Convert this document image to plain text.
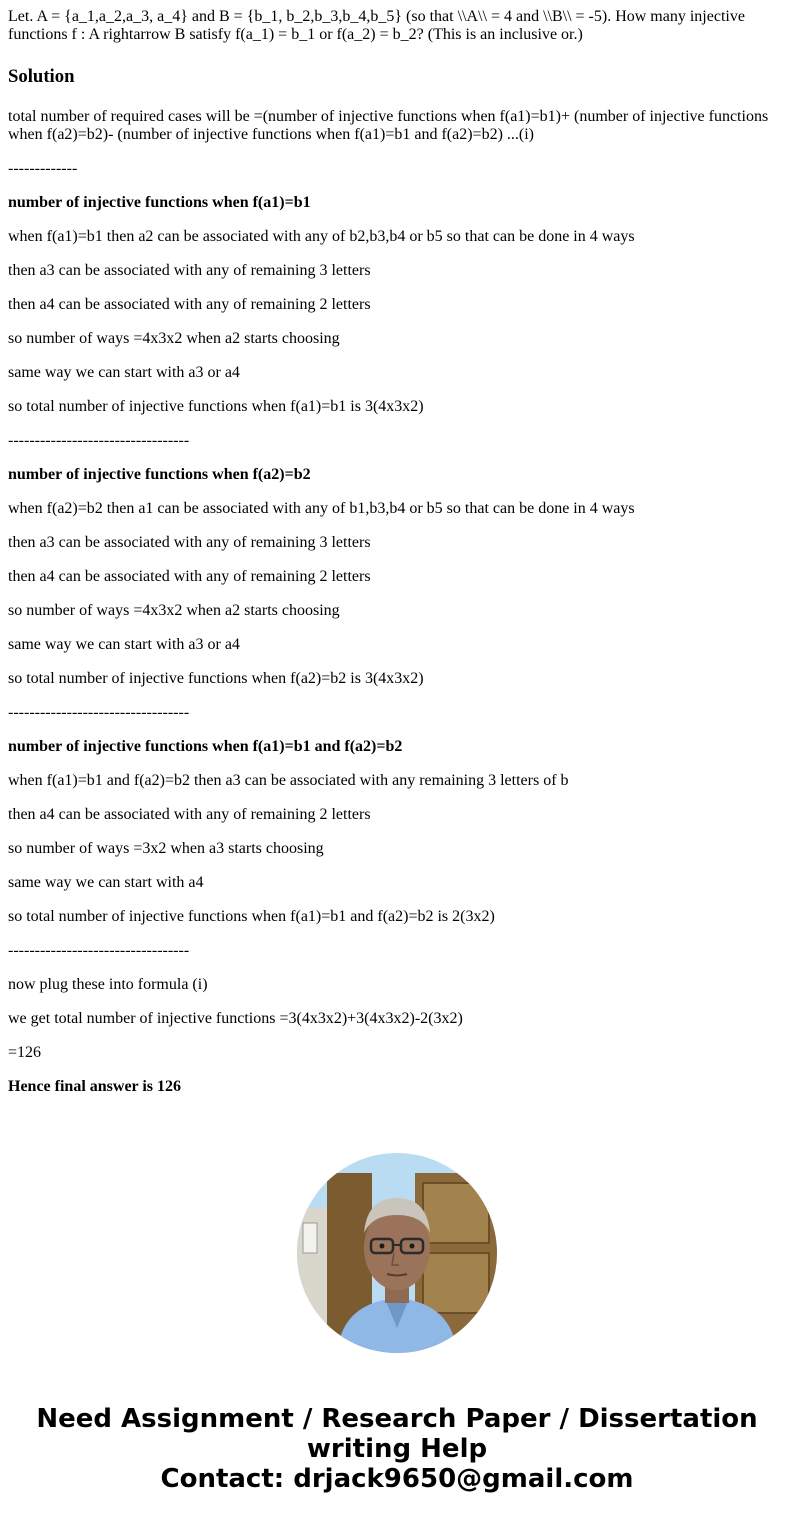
Let. A = {a_1,a_2,a_3, a_4} and B = {b_1, b_2,b_3,b_4,b_5} (so that \\A\\ = 4 and \\B\\ = -5). How many injective functions f : A rightarrow B satisfy f(a_1) = b_1 or f(a_2) = b_2? (This is an inclusive or.)

Solution

total number of required cases will be =(number of injective functions when f(a1)=b1)+ (number of injective functions when f(a2)=b2)- (number of injective functions when f(a1)=b1 and f(a2)=b2) ...(i)

-------------

number of injective functions when f(a1)=b1

when f(a1)=b1 then a2 can be associated with any of b2,b3,b4 or b5 so that can be done in 4 ways

then a3 can be associated with any of remaining 3 letters

then a4 can be associated with any of remaining 2 letters

so number of ways =4x3x2 when a2 starts choosing

same way we can start with a3 or a4

so total number of injective functions when f(a1)=b1 is 3(4x3x2)

----------------------------------

number of injective functions when f(a2)=b2

when f(a2)=b2 then a1 can be associated with any of b1,b3,b4 or b5 so that can be done in 4 ways

then a3 can be associated with any of remaining 3 letters

then a4 can be associated with any of remaining 2 letters

so number of ways =4x3x2 when a2 starts choosing

same way we can start with a3 or a4

so total number of injective functions when f(a2)=b2 is 3(4x3x2)

----------------------------------

number of injective functions when f(a1)=b1 and f(a2)=b2

when f(a1)=b1 and f(a2)=b2 then a3 can be associated with any remaining 3 letters of b

then a4 can be associated with any of remaining 2 letters

so number of ways =3x2 when a3 starts choosing

same way we can start with a4

so total number of injective functions when f(a1)=b1 and f(a2)=b2 is 2(3x2)

----------------------------------

now plug these into formula (i)

we get total number of injective functions =3(4x3x2)+3(4x3x2)-2(3x2)

=126

Hence final answer is 126

Need Assignment / Research Paper / Dissertation
writing Help
Contact: drjack9650@gmail.com
